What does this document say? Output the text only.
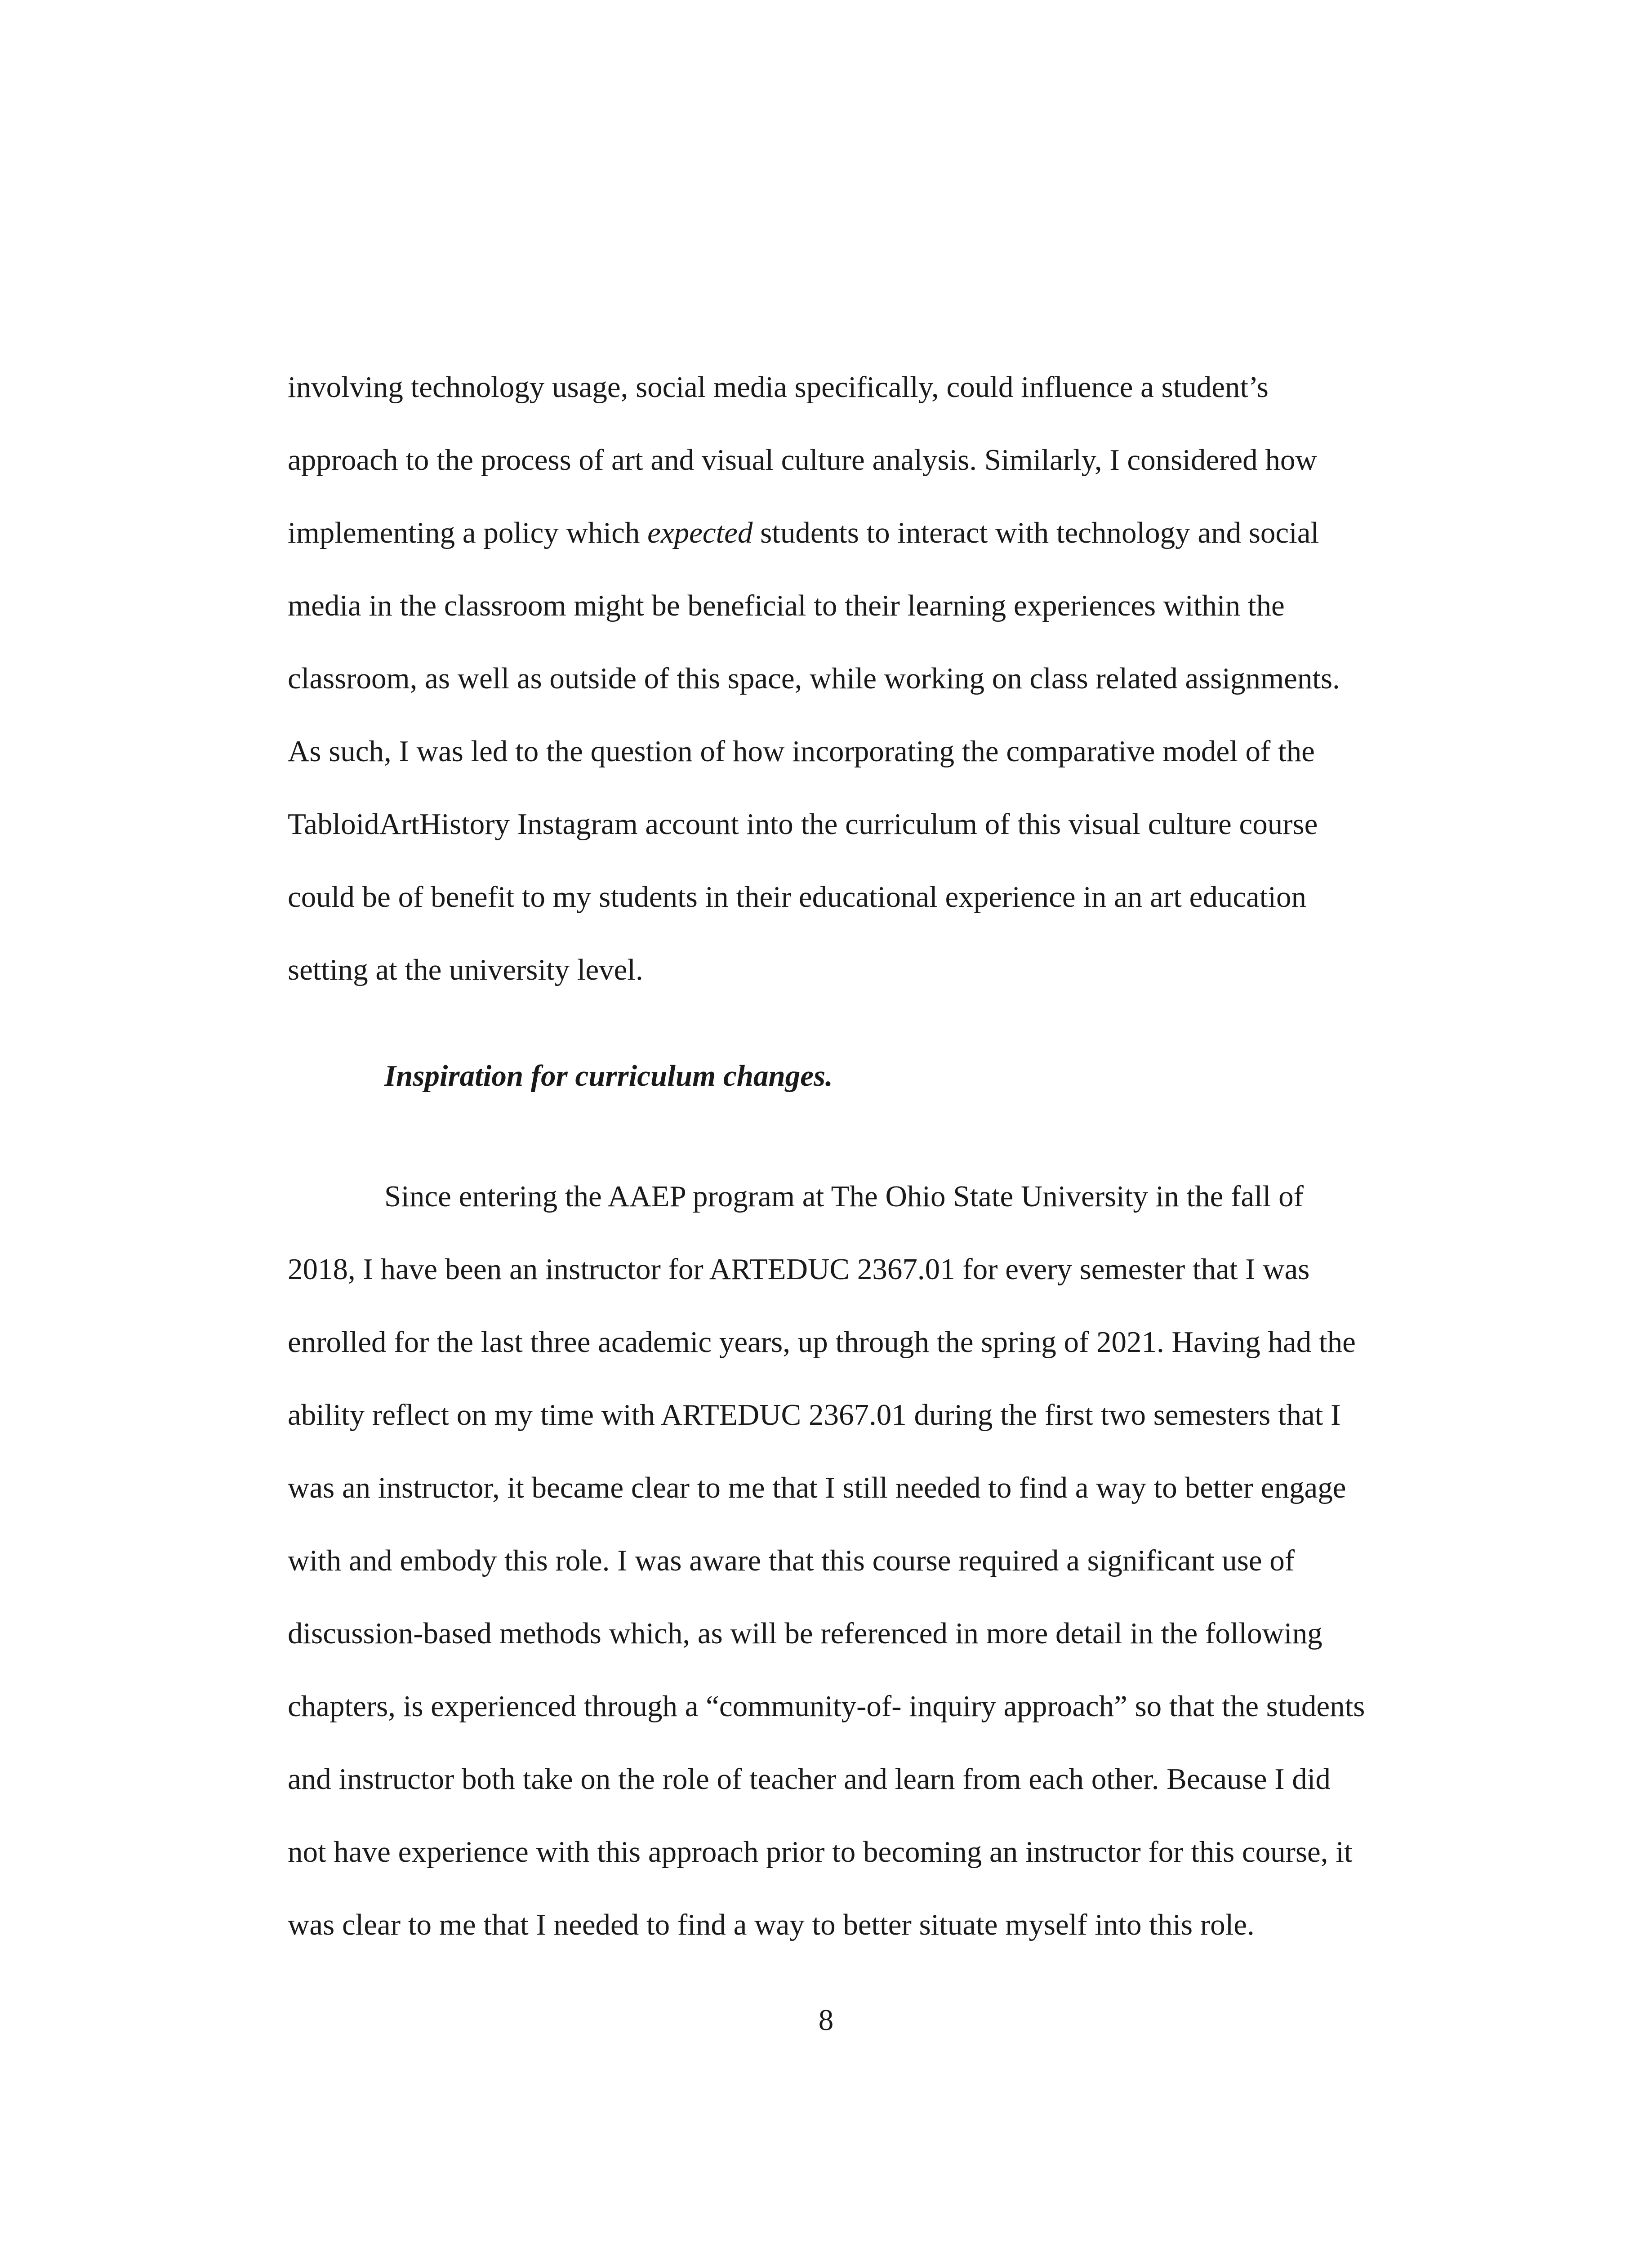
involving technology usage, social media specifically, could influence a student’s
approach to the process of art and visual culture analysis. Similarly, I considered how
implementing a policy which expected students to interact with technology and social
media in the classroom might be beneficial to their learning experiences within the
classroom, as well as outside of this space, while working on class related assignments.
As such, I was led to the question of how incorporating the comparative model of the
TabloidArtHistory Instagram account into the curriculum of this visual culture course
could be of benefit to my students in their educational experience in an art education
setting at the university level.
Inspiration for curriculum changes.
Since entering the AAEP program at The Ohio State University in the fall of
2018, I have been an instructor for ARTEDUC 2367.01 for every semester that I was
enrolled for the last three academic years, up through the spring of 2021. Having had the
ability reflect on my time with ARTEDUC 2367.01 during the first two semesters that I
was an instructor, it became clear to me that I still needed to find a way to better engage
with and embody this role. I was aware that this course required a significant use of
discussion-based methods which, as will be referenced in more detail in the following
chapters, is experienced through a “community-of- inquiry approach” so that the students
and instructor both take on the role of teacher and learn from each other. Because I did
not have experience with this approach prior to becoming an instructor for this course, it
was clear to me that I needed to find a way to better situate myself into this role.
8
